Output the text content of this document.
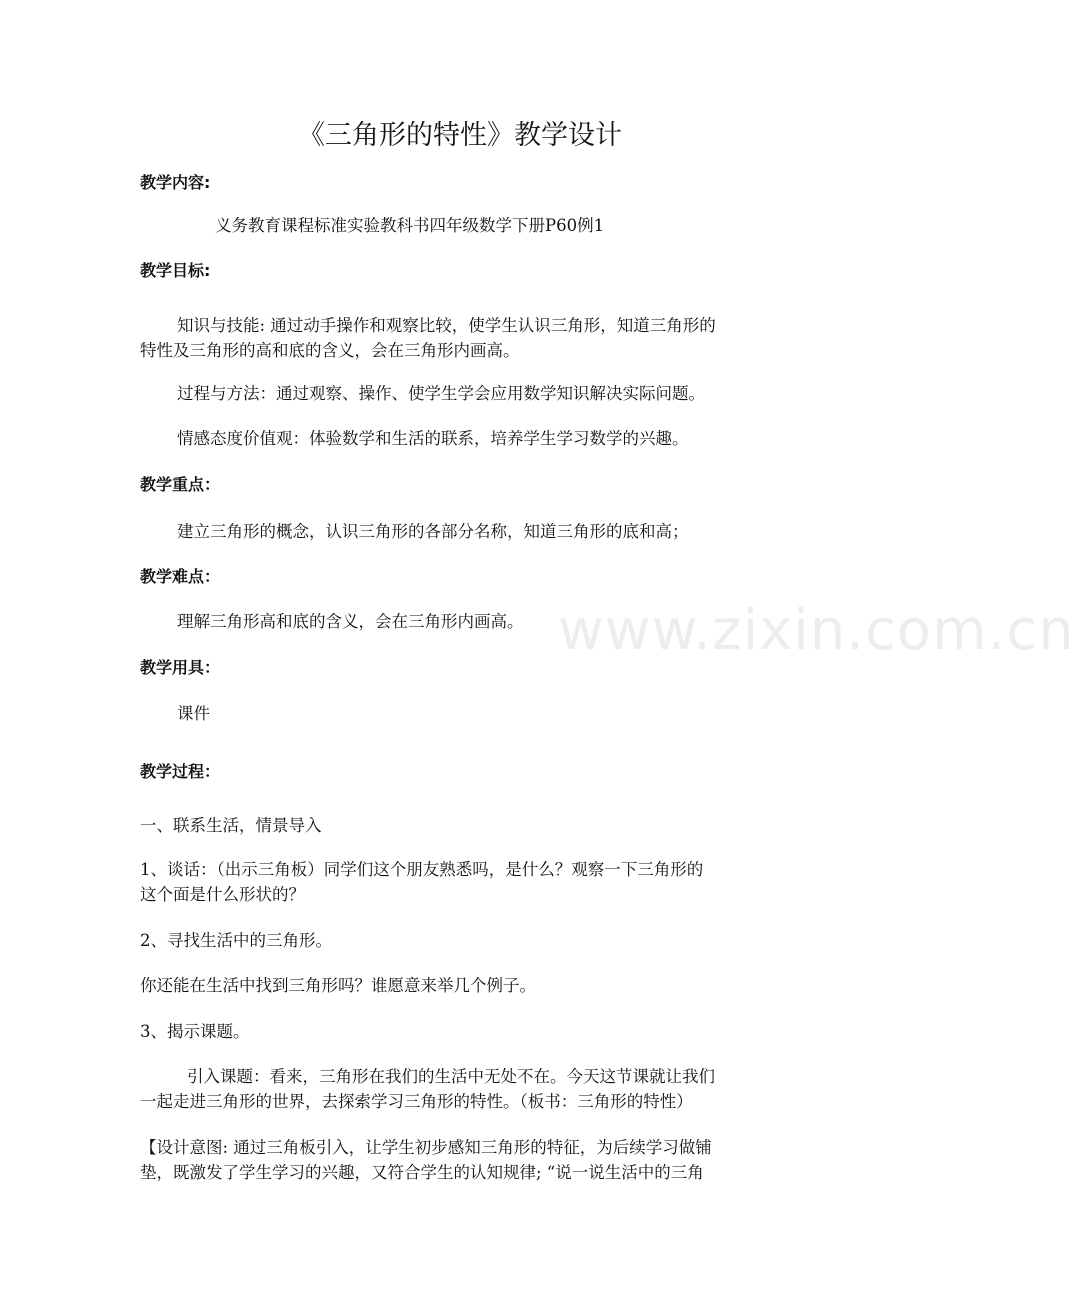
《三角形的特性》教学设计
教学内容:
义务教育课程标准实验教科书四年级数学下册P60例1
教学目标:
知识与技能: 通过动手操作和观察比较，使学生认识三角形，知道三角形的
特性及三角形的高和底的含义，会在三角形内画高。
过程与方法：通过观察、操作、使学生学会应用数学知识解决实际问题。
情感态度价值观：体验数学和生活的联系，培养学生学习数学的兴趣。
教学重点：
建立三角形的概念，认识三角形的各部分名称，知道三角形的底和高；
教学难点：
理解三角形高和底的含义，会在三角形内画高。
教学用具：
课件
教学过程：
一、联系生活，情景导入
1、谈话：（出示三角板）同学们这个朋友熟悉吗，是什么？观察一下三角形的
这个面是什么形状的？
2、寻找生活中的三角形。
你还能在生活中找到三角形吗？谁愿意来举几个例子。
3、揭示课题。
引入课题：看来，三角形在我们的生活中无处不在。今天这节课就让我们
一起走进三角形的世界，去探索学习三角形的特性。（板书：三角形的特性）
【设计意图: 通过三角板引入，让学生初步感知三角形的特征，为后续学习做铺
垫，既激发了学生学习的兴趣，又符合学生的认知规律; “说一说生活中的三角
www.zixin.com.cn
